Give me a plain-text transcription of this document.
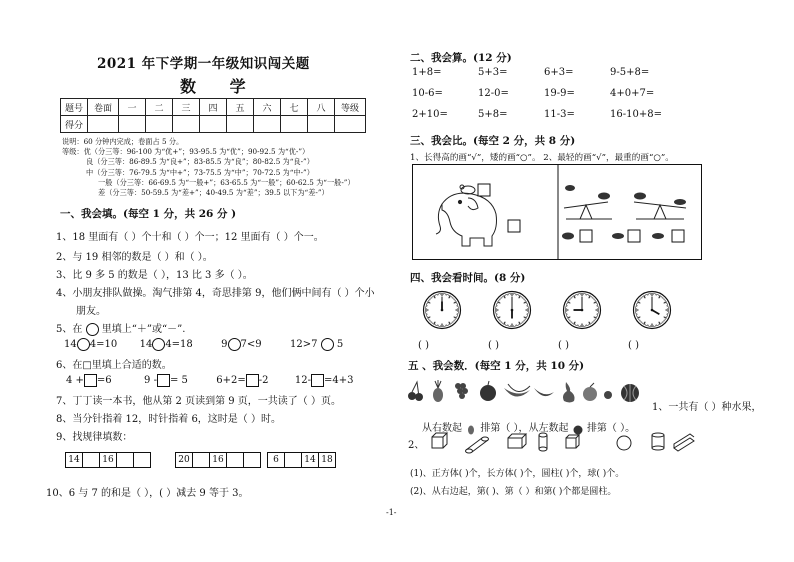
2021 年下学期一年级知识闯关题
数 学
题号	卷面	一	二	三	四	五	六	七	八	等级
得分										
说明：60 分钟内完成；卷面占 5 分。
等级：优（分三等：96-100 为“优+”；93-95.5 为“优”；90-92.5 为“优-”）
良（分三等：86-89.5 为“良+”；83-85.5 为“良”；80-82.5 为“良-”）
中（分三等：76-79.5 为“中+”；73-75.5 为“中”；70-72.5 为“中-”）
一般（分三等：66-69.5 为“一般+”；63-65.5 为“一般”；60-62.5 为“一般-”）
差（分三等：50-59.5 为“差+”；40-49.5 为“差”；39.5 以下为“差-”）
一、我会填。(每空 1 分，共 26 分 )
1、18 里面有（ ）个十和（ ）个一；12 里面有（ ）个一。
2、与 19 相邻的数是（ ）和（ ）。
3、比 9 多 5 的数是（ ），13 比 3 多（ ）。
4、小朋友排队做操。淘气排第 4，奇思排第 9，他们俩中间有（ ）个小
朋友。
5、在 里填上“＋”或“－”.
14 4=10 14 4=18	9 7<9	12>7 5
6、在□里填上合适的数。
4 + =6	9 - = 5	6+2= -2	12- =4+3
7、丁丁读一本书，他从第 2 页读到第 9 页，一共读了（ ）页。
8、当分针指着 12，时针指着 6，这时是（ ）时。
9、找规律填数：
14	16	20	16	6	14 18
10、6 与 7 的和是（ ），( ）减去 9 等于 3。
-1-
二、我会算。(12 分)
1+8=	5+3=	6+3=	9-5+8=
10-6=	12-0=	19-9=	4+0+7=
2+10=	5+8=	11-3=	16-10+8=
三、我会比。(每空 2 分，共 8 分)
1、长得高的画“√”，矮的画“○”。 2、最轻的画“√”，最重的画“○”。
四、我会看时间。(8 分)
( )	( )	( )	( )
五 、我会数．(每空 1 分，共 10 分)
1、一共有（ ）种水果，
从右数起 排第（ ），从左数起 排第（ ）。
2、
(1)、正方体( )个，长方体( )个，圆柱( )个，球( )个。
(2)、从右边起，第( )、第（ ）和第( )个都是圆柱。
